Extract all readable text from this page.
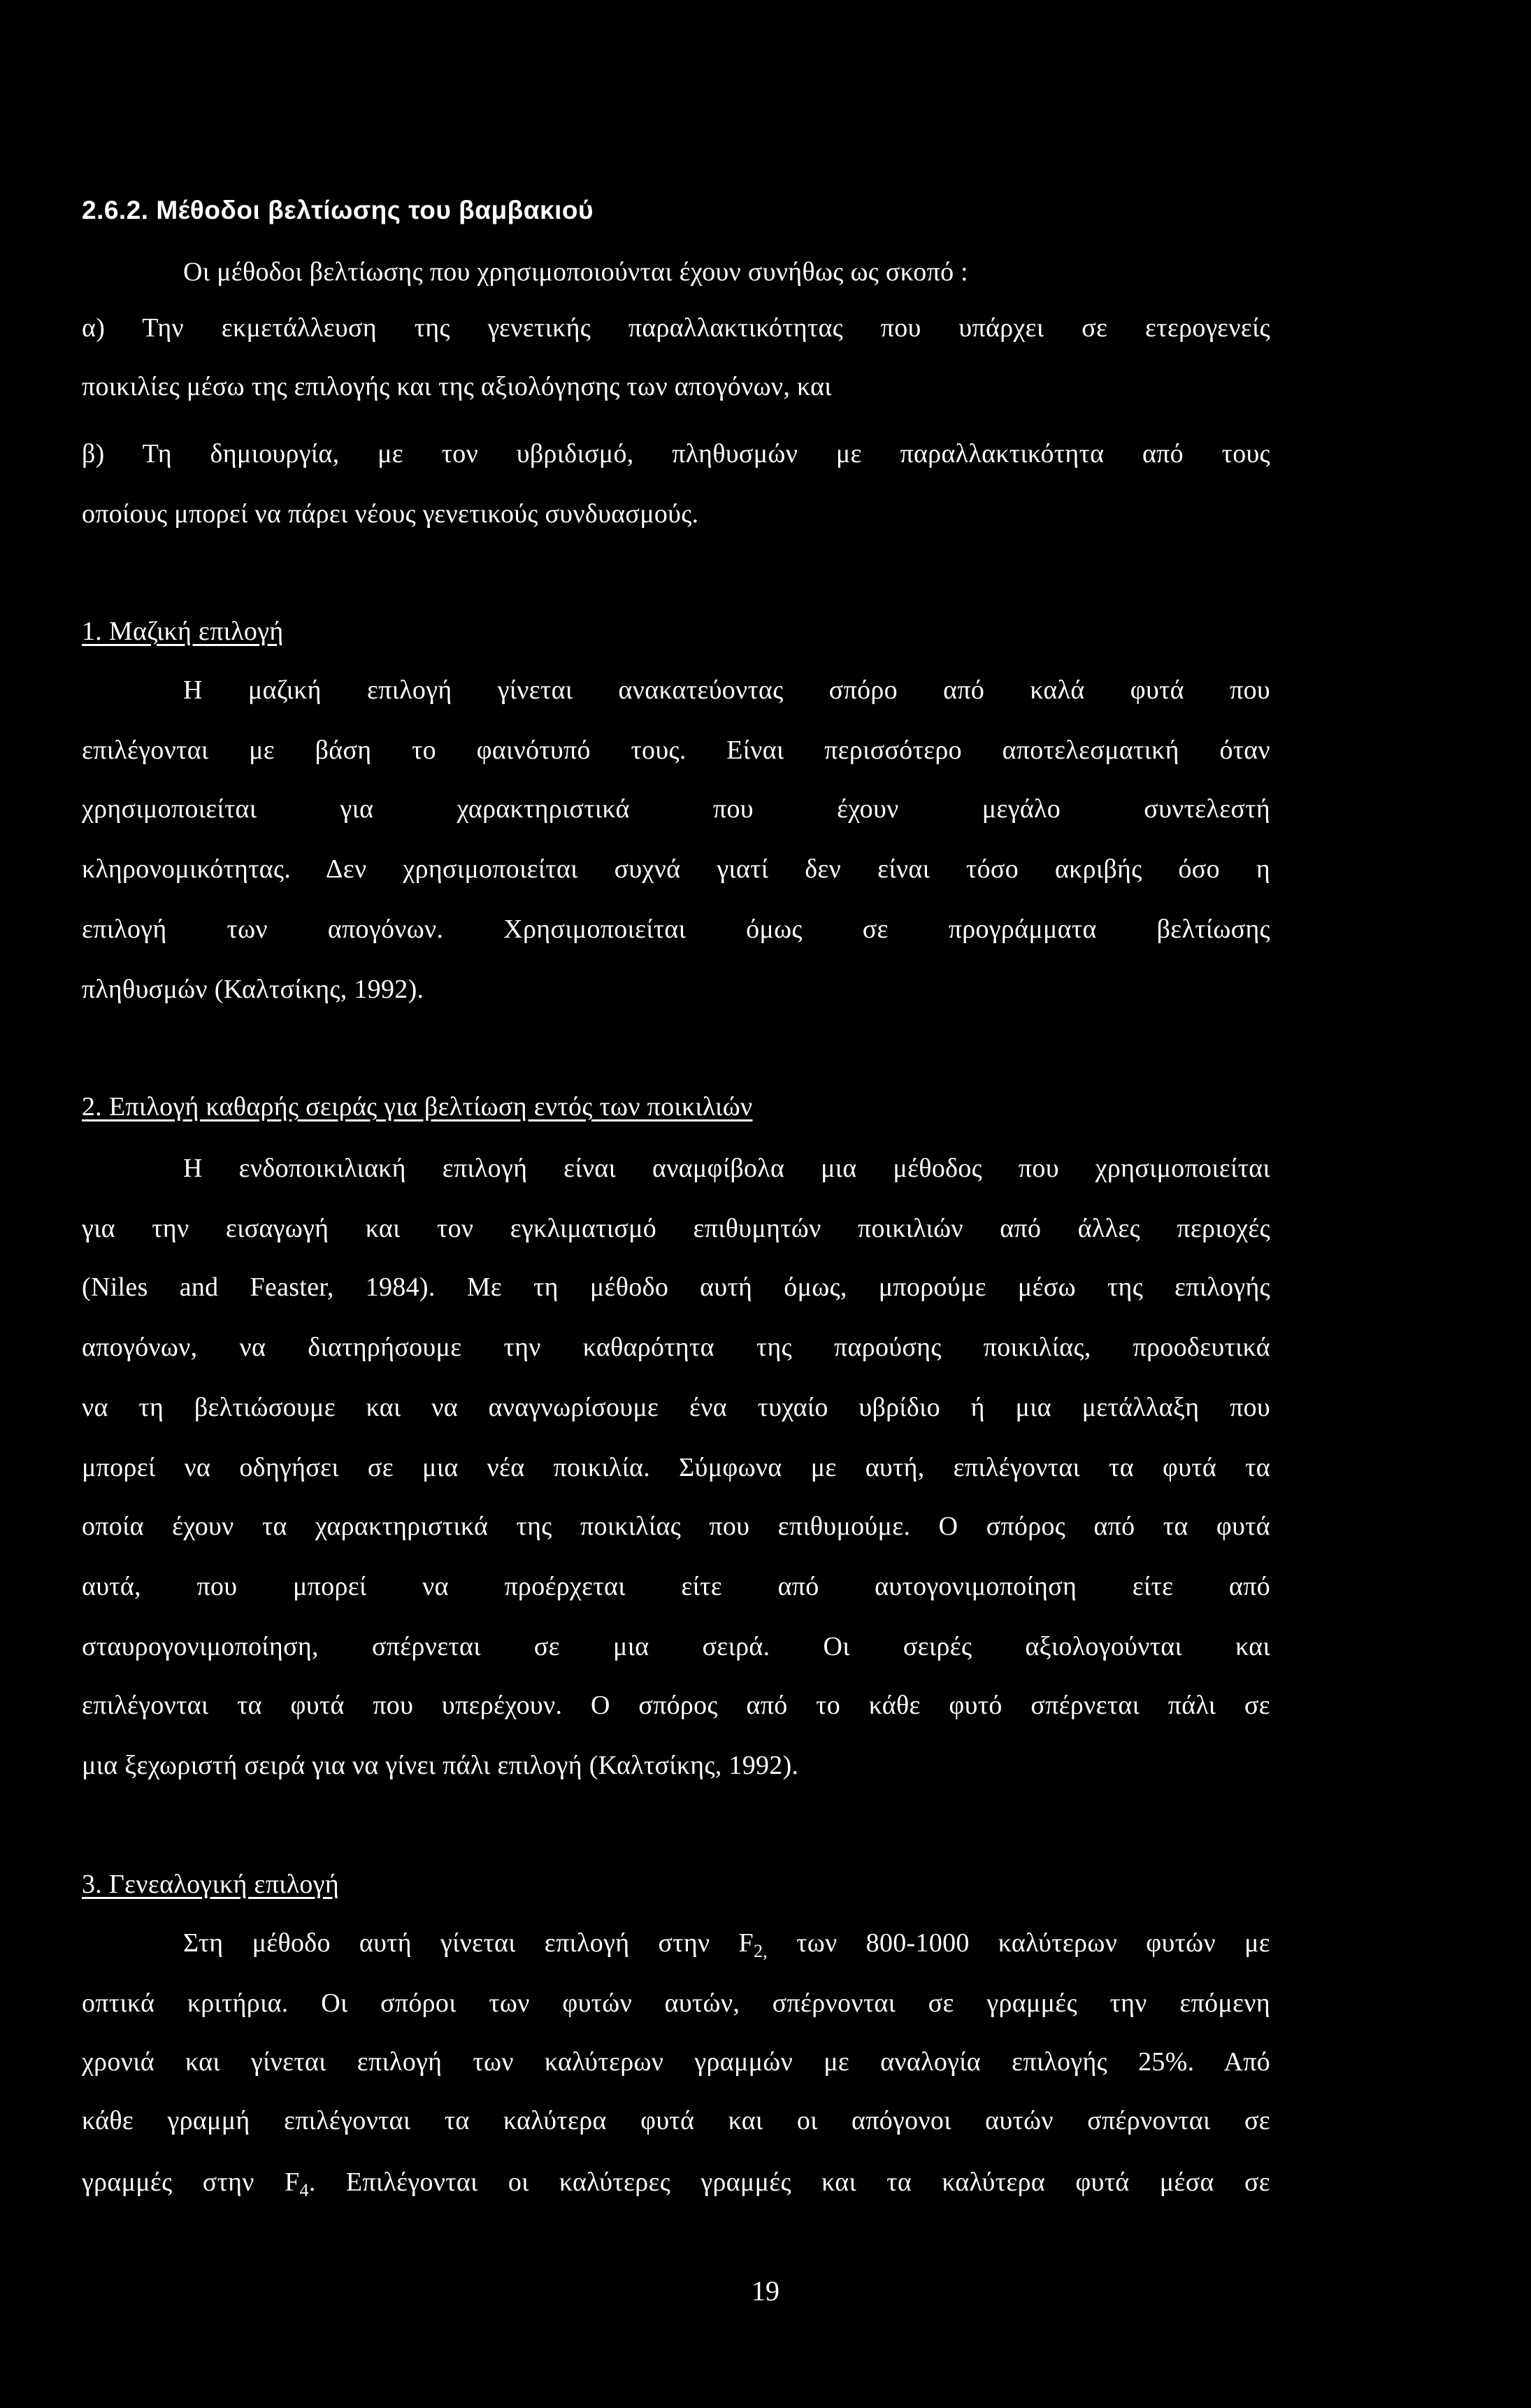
2.6.2. Μέθοδοι βελτίωσης του βαμβακιού
Οι μέθοδοι βελτίωσης που χρησιμοποιούνται έχουν συνήθως ως σκοπό :
α) Την εκμετάλλευση της γενετικής παραλλακτικότητας που υπάρχει σε ετερογενείς
ποικιλίες μέσω της επιλογής και της αξιολόγησης των απογόνων, και
β) Τη δημιουργία, με τον υβριδισμό, πληθυσμών με παραλλακτικότητα από τους
οποίους μπορεί να πάρει νέους γενετικούς συνδυασμούς.
1. Μαζική επιλογή
Η μαζική επιλογή γίνεται ανακατεύοντας σπόρο από καλά φυτά που
επιλέγονται με βάση το φαινότυπό τους. Είναι περισσότερο αποτελεσματική όταν
χρησιμοποιείται για χαρακτηριστικά που έχουν μεγάλο συντελεστή
κληρονομικότητας. Δεν χρησιμοποιείται συχνά γιατί δεν είναι τόσο ακριβής όσο η
επιλογή των απογόνων. Χρησιμοποιείται όμως σε προγράμματα βελτίωσης
πληθυσμών (Καλτσίκης, 1992).
2. Επιλογή καθαρής σειράς για βελτίωση εντός των ποικιλιών
Η ενδοποικιλιακή επιλογή είναι αναμφίβολα μια μέθοδος που χρησιμοποιείται
για την εισαγωγή και τον εγκλιματισμό επιθυμητών ποικιλιών από άλλες περιοχές
(Niles and Feaster, 1984). Με τη μέθοδο αυτή όμως, μπορούμε μέσω της επιλογής
απογόνων, να διατηρήσουμε την καθαρότητα της παρούσης ποικιλίας, προοδευτικά
να τη βελτιώσουμε και να αναγνωρίσουμε ένα τυχαίο υβρίδιο ή μια μετάλλαξη που
μπορεί να οδηγήσει σε μια νέα ποικιλία. Σύμφωνα με αυτή, επιλέγονται τα φυτά τα
οποία έχουν τα χαρακτηριστικά της ποικιλίας που επιθυμούμε. Ο σπόρος από τα φυτά
αυτά, που μπορεί να προέρχεται είτε από αυτογονιμοποίηση είτε από
σταυρογονιμοποίηση, σπέρνεται σε μια σειρά. Οι σειρές αξιολογούνται και
επιλέγονται τα φυτά που υπερέχουν. Ο σπόρος από το κάθε φυτό σπέρνεται πάλι σε
μια ξεχωριστή σειρά για να γίνει πάλι επιλογή (Καλτσίκης, 1992).
3. Γενεαλογική επιλογή
Στη μέθοδο αυτή γίνεται επιλογή στην $F_{2,}$ των 800-1000 καλύτερων φυτών με
οπτικά κριτήρια. Οι σπόροι των φυτών αυτών, σπέρνονται σε γραμμές την επόμενη
χρονιά και γίνεται επιλογή των καλύτερων γραμμών με αναλογία επιλογής 25%. Από
κάθε γραμμή επιλέγονται τα καλύτερα φυτά και οι απόγονοι αυτών σπέρνονται σε
γραμμές στην $F_4$. Επιλέγονται οι καλύτερες γραμμές και τα καλύτερα φυτά μέσα σε
19
